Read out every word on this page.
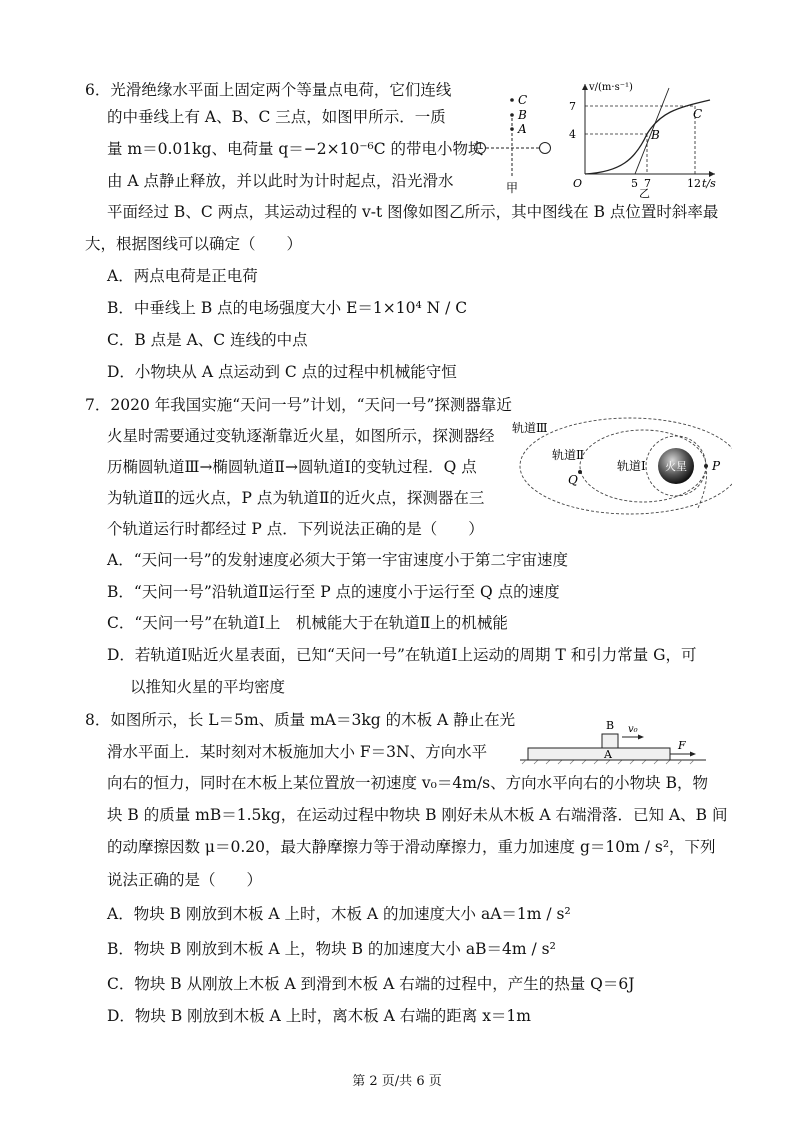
6．光滑绝缘水平面上固定两个等量点电荷，它们连线
的中垂线上有 A、B、C 三点，如图甲所示．一质
量 m＝0.01kg、电荷量 q＝−2×10⁻⁶C 的带电小物块
由 A 点静止释放，并以此时为计时起点，沿光滑水
平面经过 B、C 两点，其运动过程的 v-t 图像如图乙所示，其中图线在 B 点位置时斜率最
大，根据图线可以确定（　　）
A．两点电荷是正电荷
B．中垂线上 B 点的电场强度大小 E＝1×10⁴ N / C
C．B 点是 A、C 连线的中点
D．小物块从 A 点运动到 C 点的过程中机械能守恒
C
B
A
甲
7
4
O	5 7	12 t/s
v/(m·s⁻¹)
B
C
乙
7．2020 年我国实施“天问一号”计划，“天问一号”探测器靠近
火星时需要通过变轨逐渐靠近火星，如图所示，探测器经
历椭圆轨道Ⅲ→椭圆轨道Ⅱ→圆轨道Ⅰ的变轨过程．Q 点
为轨道Ⅱ的远火点，P 点为轨道Ⅱ的近火点，探测器在三
个轨道运行时都经过 P 点．下列说法正确的是（　　）
A．“天问一号”的发射速度必须大于第一宇宙速度小于第二宇宙速度
B．“天问一号”沿轨道Ⅱ运行至 P 点的速度小于运行至 Q 点的速度
C．“天问一号”在轨道Ⅰ上　机械能大于在轨道Ⅱ上的机械能
D．若轨道Ⅰ贴近火星表面，已知“天问一号”在轨道Ⅰ上运动的周期 T 和引力常量 G，可
以推知火星的平均密度
火星 P
Q
轨道Ⅲ
轨道Ⅱ
轨道Ⅰ
8．如图所示，长 L＝5m、质量 mA＝3kg 的木板 A 静止在光
滑水平面上．某时刻对木板施加大小 F＝3N、方向水平
向右的恒力，同时在木板上某位置放一初速度 v₀＝4m/s、方向水平向右的小物块 B，物
块 B 的质量 mB＝1.5kg，在运动过程中物块 B 刚好未从木板 A 右端滑落．已知 A、B 间
的动摩擦因数 μ＝0.20，最大静摩擦力等于滑动摩擦力，重力加速度 g＝10m / s²，下列
说法正确的是（　　）
A．物块 B 刚放到木板 A 上时，木板 A 的加速度大小 aA＝1m / s²
B．物块 B 刚放到木板 A 上，物块 B 的加速度大小 aB＝4m / s²
C．物块 B 从刚放上木板 A 到滑到木板 A 右端的过程中，产生的热量 Q＝6J
D．物块 B 刚放到木板 A 上时，离木板 A 右端的距离 x＝1m
A
B v₀
F
第 2 页/共 6 页
